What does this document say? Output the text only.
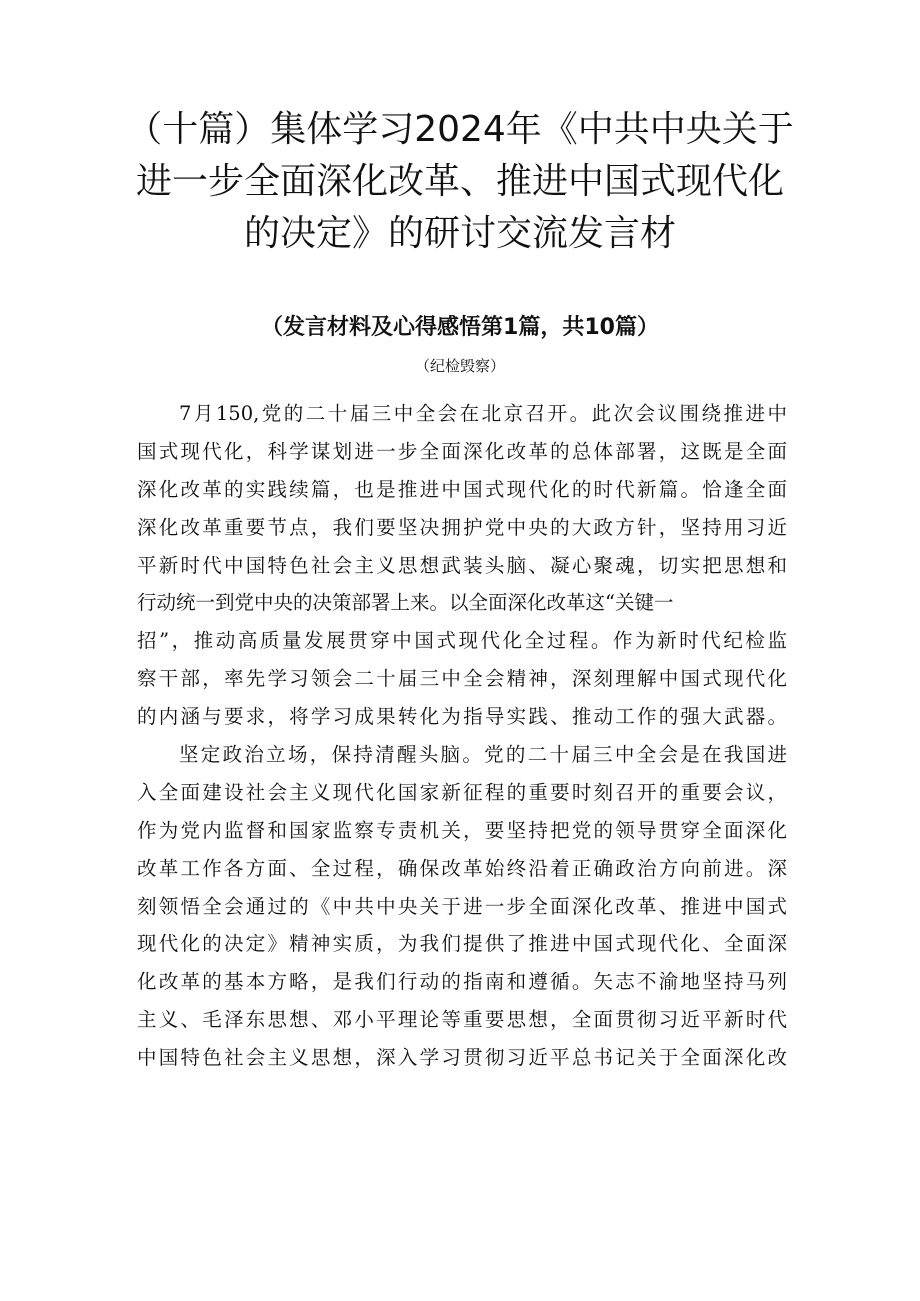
（十篇）集体学习2024年《中共中央关于
进一步全面深化改革、推进中国式现代化
的决定》的研讨交流发言材
（发言材料及心得感悟第1篇，共10篇）
（纪检毁察）
7月150,党的二十届三中全会在北京召开。此次会议围绕推进中
国式现代化，科学谋划进一步全面深化改革的总体部署，这既是全面
深化改革的实践续篇，也是推进中国式现代化的时代新篇。恰逢全面
深化改革重要节点，我们要坚决拥护党中央的大政方针，坚持用习近
平新时代中国特色社会主义思想武装头脑、凝心聚魂，切实把思想和
行动统一到党中央的决策部署上来。以全面深化改革这“关键一
招”，推动高质量发展贯穿中国式现代化全过程。作为新时代纪检监
察干部，率先学习领会二十届三中全会精神，深刻理解中国式现代化
的内涵与要求，将学习成果转化为指导实践、推动工作的强大武器。
坚定政治立场，保持清醒头脑。党的二十届三中全会是在我国进
入全面建设社会主义现代化国家新征程的重要时刻召开的重要会议，
作为党内监督和国家监察专责机关，要坚持把党的领导贯穿全面深化
改革工作各方面、全过程，确保改革始终沿着正确政治方向前进。深
刻领悟全会通过的《中共中央关于进一步全面深化改革、推进中国式
现代化的决定》精神实质，为我们提供了推进中国式现代化、全面深
化改革的基本方略，是我们行动的指南和遵循。矢志不渝地坚持马列
主义、毛泽东思想、邓小平理论等重要思想，全面贯彻习近平新时代
中国特色社会主义思想，深入学习贯彻习近平总书记关于全面深化改
